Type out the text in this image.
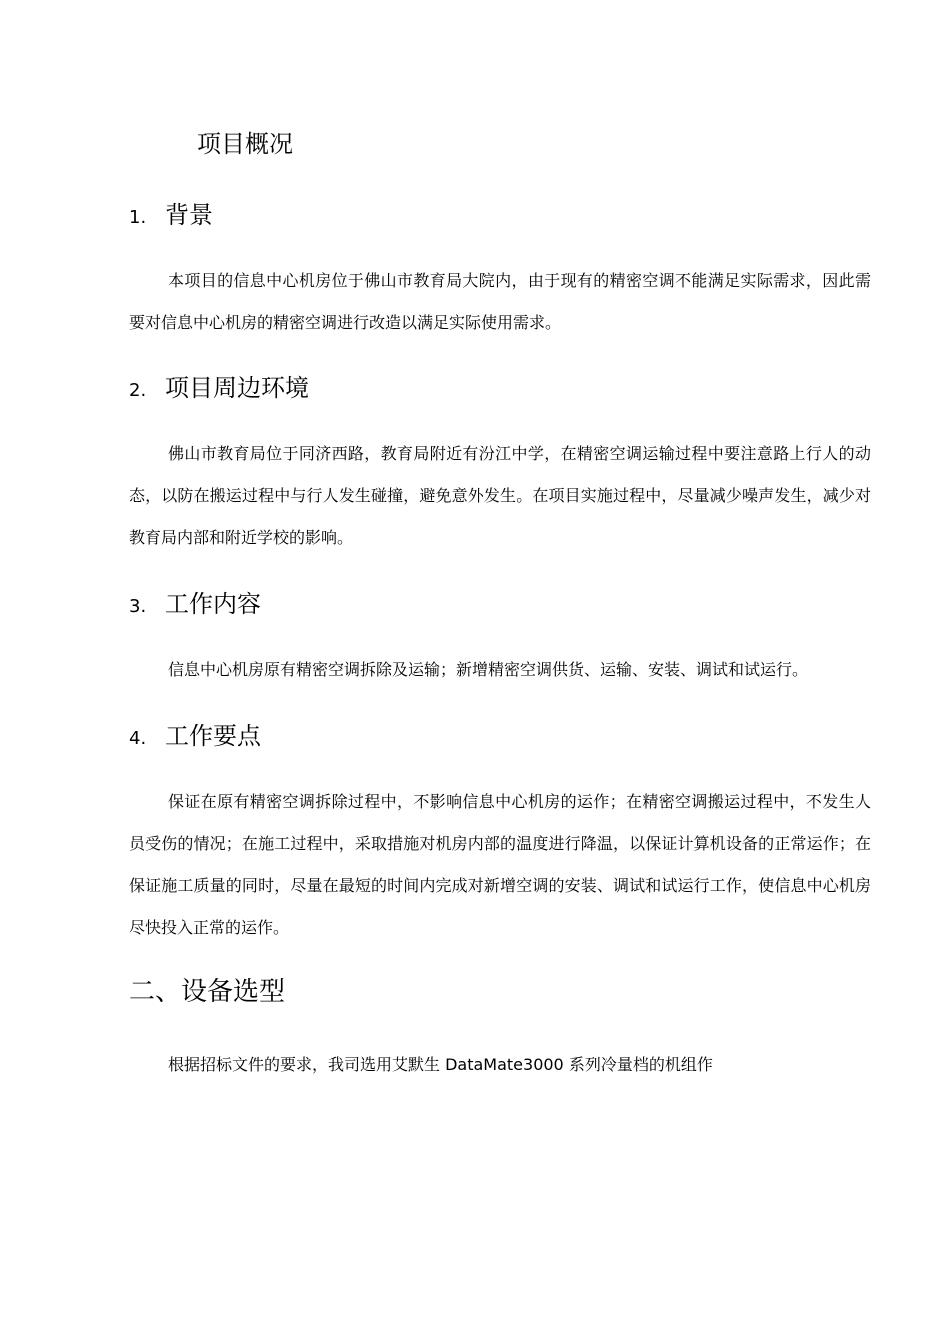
项目概况
1. 背景

本项目的信息中心机房位于佛山市教育局大院内，由于现有的精密空调不能满足实际需求，因此需要对信息中心机房的精密空调进行改造以满足实际使用需求。

2. 项目周边环境

佛山市教育局位于同济西路，教育局附近有汾江中学，在精密空调运输过程中要注意路上行人的动态，以防在搬运过程中与行人发生碰撞，避免意外发生。在项目实施过程中，尽量减少噪声发生，减少对教育局内部和附近学校的影响。

3. 工作内容

信息中心机房原有精密空调拆除及运输；新增精密空调供货、运输、安装、调试和试运行。

4. 工作要点

保证在原有精密空调拆除过程中，不影响信息中心机房的运作；在精密空调搬运过程中，不发生人员受伤的情况；在施工过程中，采取措施对机房内部的温度进行降温，以保证计算机设备的正常运作；在保证施工质量的同时，尽量在最短的时间内完成对新增空调的安装、调试和试运行工作，使信息中心机房尽快投入正常的运作。

二、设备选型

根据招标文件的要求，我司选用艾默生 DataMate3000 系列冷量档的机组作
